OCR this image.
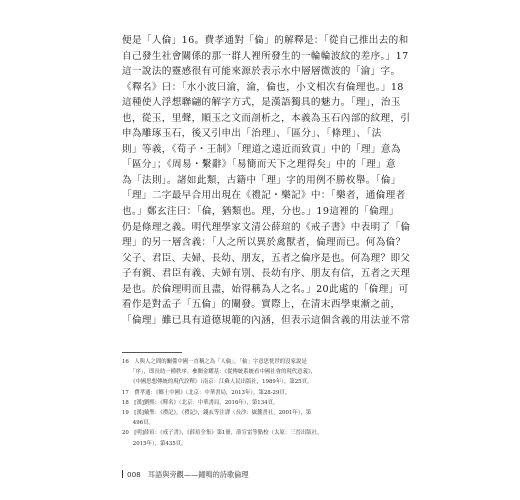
便是「人倫」16。費孝通對「倫」的解釋是：「從自己推出去的和
自己發生社會關係的那一群人裡所發生的一輪輪波紋的差序。」17
這一說法的靈感很有可能來源於表示水中層層微波的「淪」字。
《釋名》曰：「水小波曰淪，淪，倫也，小文相次有倫理也。」18
這種使人浮想聯翩的解字方式，是漢語獨具的魅力。「理」，治玉
也，從玉，里聲，順玉之文而剖析之，本義為玉石內部的紋理，引
申為雕琢玉石，後又引申出「治理」、「區分」、「條理」、「法
則」等義，《荀子・王制》「理道之遠近而致貢」中的「理」意為
「區分」；《周易・繫辭》「易簡而天下之理得矣」中的「理」意
為「法則」。諸如此類，古籍中「理」字的用例不勝枚舉。「倫」
「理」二字最早合用出現在《禮記・樂記》中：「樂者，通倫理者
也。」鄭玄注曰：「倫，猶類也。理，分也。」19這裡的「倫理」
仍是條理之義。明代理學家文清公薛瑄的《戒子書》中表明了「倫
理」的另一層含義：「人之所以異於禽獸者，倫理而已。何為倫？
父子、君臣、夫婦、長幼、朋友，五者之倫序是也。何為理？即父
子有親、君臣有義、夫婦有別、長幼有序、朋友有信，五者之天理
是也。於倫理明而且盡，始得稱為人之名。」20此處的「倫理」可
看作是對孟子「五倫」的闡發。實際上，在清末西學東漸之前，
「倫理」雖已具有道德規範的內涵，但表示這個含義的用法並不常
16　人與人之間的關係中國一直稱之為「人倫」，「倫」字意思恍世的沒家說是
　　「序」，即長幼一種秩序。參閱金耀基：《從傳統系統看中國社會的現代意義》，
　　《中國思想傳統的現代詮釋》（南京：江蘇人民出版社，1989年），第25頁。
17　費孝通：《鄉土中國》（北京：中華書局，2013年），第28-29頁。
18　[漢]劉熙：《釋名》（北京：中華書局，2016年），第134頁。
19　[漢]戴聖：《禮記》，《禮記》，錢玄等注譯（長沙：嶽麓書社，2001年），第
　　496頁。
20　[明]薛瑄：《戒子書》，《薛瑄全集》第1冊，薛宣雷等點校（太原：三晉出版社，
　　2015年），第435頁。
008　 耳語與旁觀——鐘鳴的詩歌倫理
